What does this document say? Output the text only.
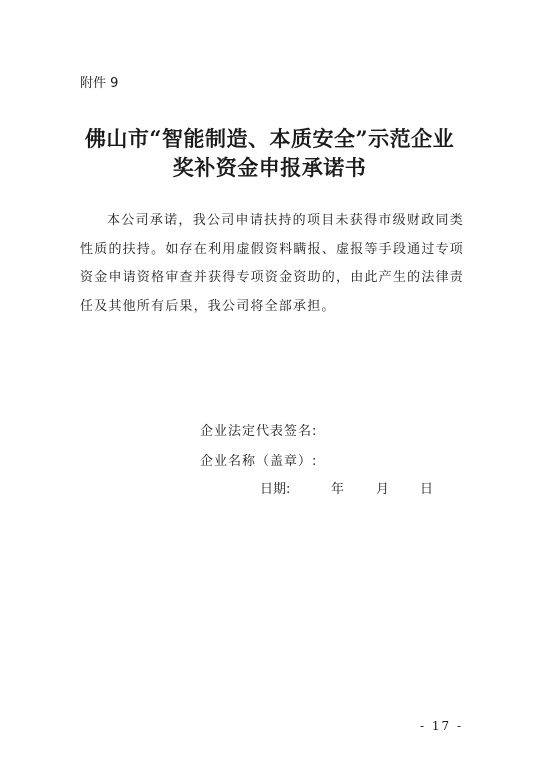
附件 9
佛山市“智能制造、本质安全”示范企业
奖补资金申报承诺书
本公司承诺，我公司申请扶持的项目未获得市级财政同类性质的扶持。如存在利用虚假资料瞒报、虚报等手段通过专项资金申请资格审查并获得专项资金资助的，由此产生的法律责任及其他所有后果，我公司将全部承担。
企业法定代表签名:
企业名称（盖章）:
日期:	年 月 日
- 17 -
